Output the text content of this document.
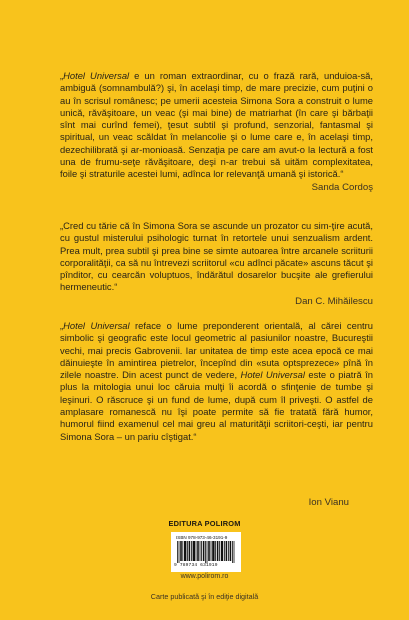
„Hotel Universal e un roman extraordinar, cu o frază rară, unduioa-să, ambiguă (somnambulă?) şi, în acelaşi timp, de mare precizie, cum puţini o au în scrisul românesc; pe umerii acesteia Simona Sora a construit o lume unică, răvăşitoare, un veac (şi mai bine) de matriarhat (în care şi bărbaţii sînt mai curînd femei), ţesut subtil şi profund, senzorial, fantasmal şi spiritual, un veac scăldat în melancolie şi o lume care e, în acelaşi timp, dezechilibrată şi ar-monioasă. Senzaţia pe care am avut-o la lectură a fost una de frumu-seţe răvăşitoare, deşi n-ar trebui să uităm complexitatea, foile şi straturile acestei lumi, adînca lor relevanţă umană şi istorică.“

Sanda Cordoş

„Cred cu tărie că în Simona Sora se ascunde un prozator cu sim-ţire acută, cu gustul misterului psihologic turnat în retortele unui senzualism ardent. Prea mult, prea subtil şi prea bine se simte autoarea între arcanele scriiturii corporalităţii, ca să nu întrevezi scriitorul «cu adînci păcate» ascuns tăcut şi pînditor, cu cearcăn voluptuos, îndărătul dosarelor bucşite ale grefierului hermeneutic.“

Dan C. Mihăilescu

„Hotel Universal reface o lume preponderent orientală, al cărei centru simbolic şi geografic este locul geometric al pasiunilor noastre, Bucureştii vechi, mai precis Gabrovenii. Iar unitatea de timp este acea epocă ce mai dăinuieşte în amintirea pietrelor, începînd din «suta optsprezece» pînă în zilele noastre. Din acest punct de vedere, Hotel Universal este o piatră în plus la mitologia unui loc căruia mulţi îi acordă o sfinţenie de tumbe şi leşinuri. O răscruce şi un fund de lume, după cum îl priveşti. O astfel de amplasare romanescă nu îşi poate permite să fie tratată fără humor, humorul fiind examenul cel mai greu al maturităţii scriitori-ceşti, iar pentru Simona Sora – un pariu cîştigat.“

Ion Vianu

EDITURA POLIROM

ISBN 978-973-46-3191-9
9 789734 631919

www.polirom.ro

Carte publicată şi în ediţie digitală
